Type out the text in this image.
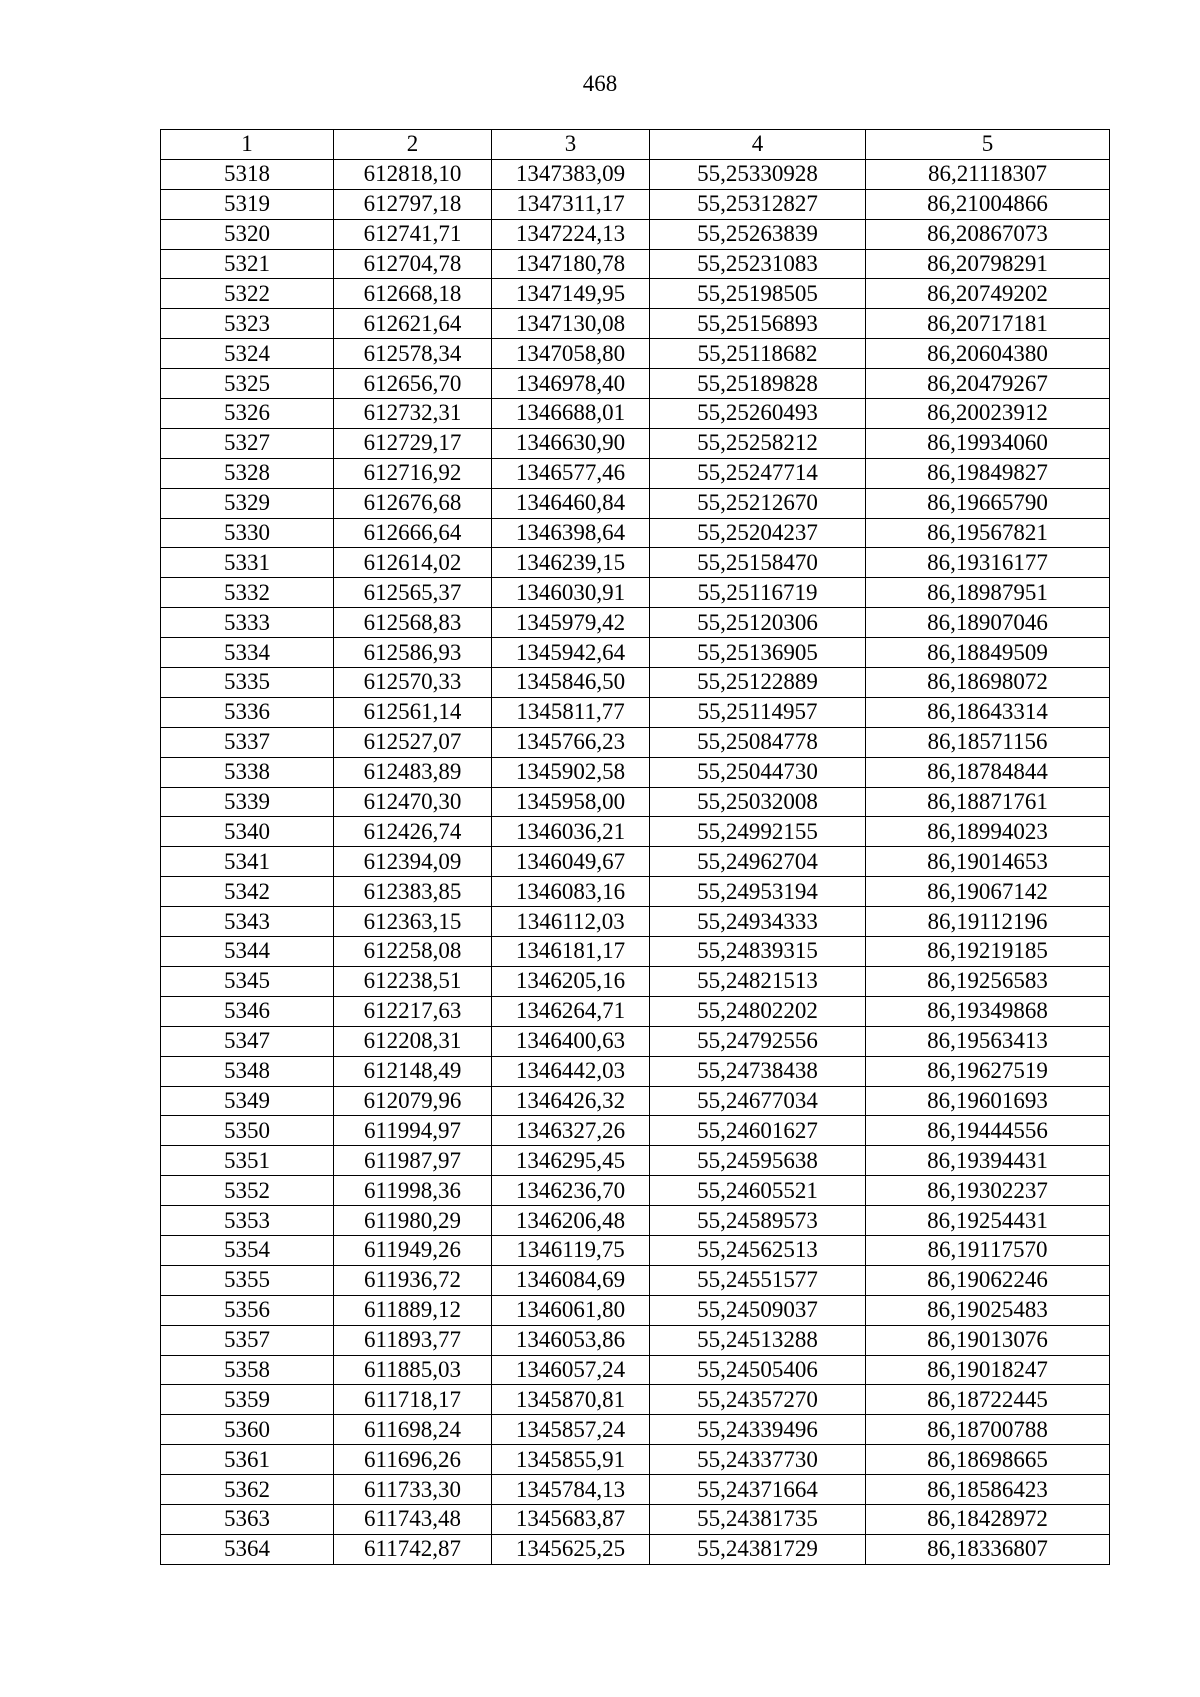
468
1	2	3	4	5
5318	612818,10	1347383,09	55,25330928	86,21118307
5319	612797,18	1347311,17	55,25312827	86,21004866
5320	612741,71	1347224,13	55,25263839	86,20867073
5321	612704,78	1347180,78	55,25231083	86,20798291
5322	612668,18	1347149,95	55,25198505	86,20749202
5323	612621,64	1347130,08	55,25156893	86,20717181
5324	612578,34	1347058,80	55,25118682	86,20604380
5325	612656,70	1346978,40	55,25189828	86,20479267
5326	612732,31	1346688,01	55,25260493	86,20023912
5327	612729,17	1346630,90	55,25258212	86,19934060
5328	612716,92	1346577,46	55,25247714	86,19849827
5329	612676,68	1346460,84	55,25212670	86,19665790
5330	612666,64	1346398,64	55,25204237	86,19567821
5331	612614,02	1346239,15	55,25158470	86,19316177
5332	612565,37	1346030,91	55,25116719	86,18987951
5333	612568,83	1345979,42	55,25120306	86,18907046
5334	612586,93	1345942,64	55,25136905	86,18849509
5335	612570,33	1345846,50	55,25122889	86,18698072
5336	612561,14	1345811,77	55,25114957	86,18643314
5337	612527,07	1345766,23	55,25084778	86,18571156
5338	612483,89	1345902,58	55,25044730	86,18784844
5339	612470,30	1345958,00	55,25032008	86,18871761
5340	612426,74	1346036,21	55,24992155	86,18994023
5341	612394,09	1346049,67	55,24962704	86,19014653
5342	612383,85	1346083,16	55,24953194	86,19067142
5343	612363,15	1346112,03	55,24934333	86,19112196
5344	612258,08	1346181,17	55,24839315	86,19219185
5345	612238,51	1346205,16	55,24821513	86,19256583
5346	612217,63	1346264,71	55,24802202	86,19349868
5347	612208,31	1346400,63	55,24792556	86,19563413
5348	612148,49	1346442,03	55,24738438	86,19627519
5349	612079,96	1346426,32	55,24677034	86,19601693
5350	611994,97	1346327,26	55,24601627	86,19444556
5351	611987,97	1346295,45	55,24595638	86,19394431
5352	611998,36	1346236,70	55,24605521	86,19302237
5353	611980,29	1346206,48	55,24589573	86,19254431
5354	611949,26	1346119,75	55,24562513	86,19117570
5355	611936,72	1346084,69	55,24551577	86,19062246
5356	611889,12	1346061,80	55,24509037	86,19025483
5357	611893,77	1346053,86	55,24513288	86,19013076
5358	611885,03	1346057,24	55,24505406	86,19018247
5359	611718,17	1345870,81	55,24357270	86,18722445
5360	611698,24	1345857,24	55,24339496	86,18700788
5361	611696,26	1345855,91	55,24337730	86,18698665
5362	611733,30	1345784,13	55,24371664	86,18586423
5363	611743,48	1345683,87	55,24381735	86,18428972
5364	611742,87	1345625,25	55,24381729	86,18336807
